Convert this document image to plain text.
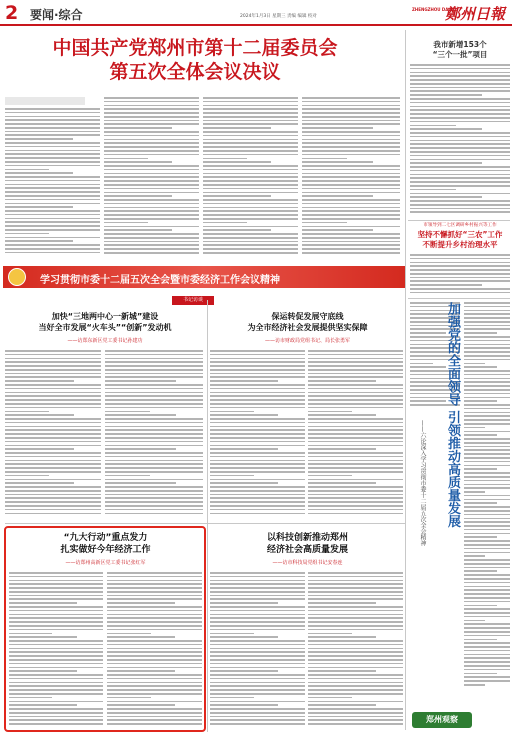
2 要闻·综合	2024年1月3日 星期三 责编 编辑 校对
ZHENGZHOU DAILY
鄭州日報
中国共产党郑州市第十二届委员会
第五次全体会议决议
我市新增153个
“三个一批”项目
市领导到二七区调研乡村振兴等工作
坚持不懈抓好“三农”工作
不断提升乡村治理水平
学习贯彻市委十二届五次全会暨市委经济工作会议精神
书记访谈
加快“三地两中心一新城”建设
当好全市发展“火车头”“创新”发动机
——访郑东新区党工委书记孙建功
保运转促发展守底线
为全市经济社会发展提供坚实保障
——访市财政局党组书记、局长张勇军
“九大行动”重点发力
扎实做好今年经济工作
——访郑州高新区党工委书记张红军
以科技创新推动郑州
经济社会高质量发展
——访市科技局党组书记安春连
加强党的全面领导 引领推动高质量发展
——六论深入学习贯彻市委十二届五次全会精神
郑州观察
